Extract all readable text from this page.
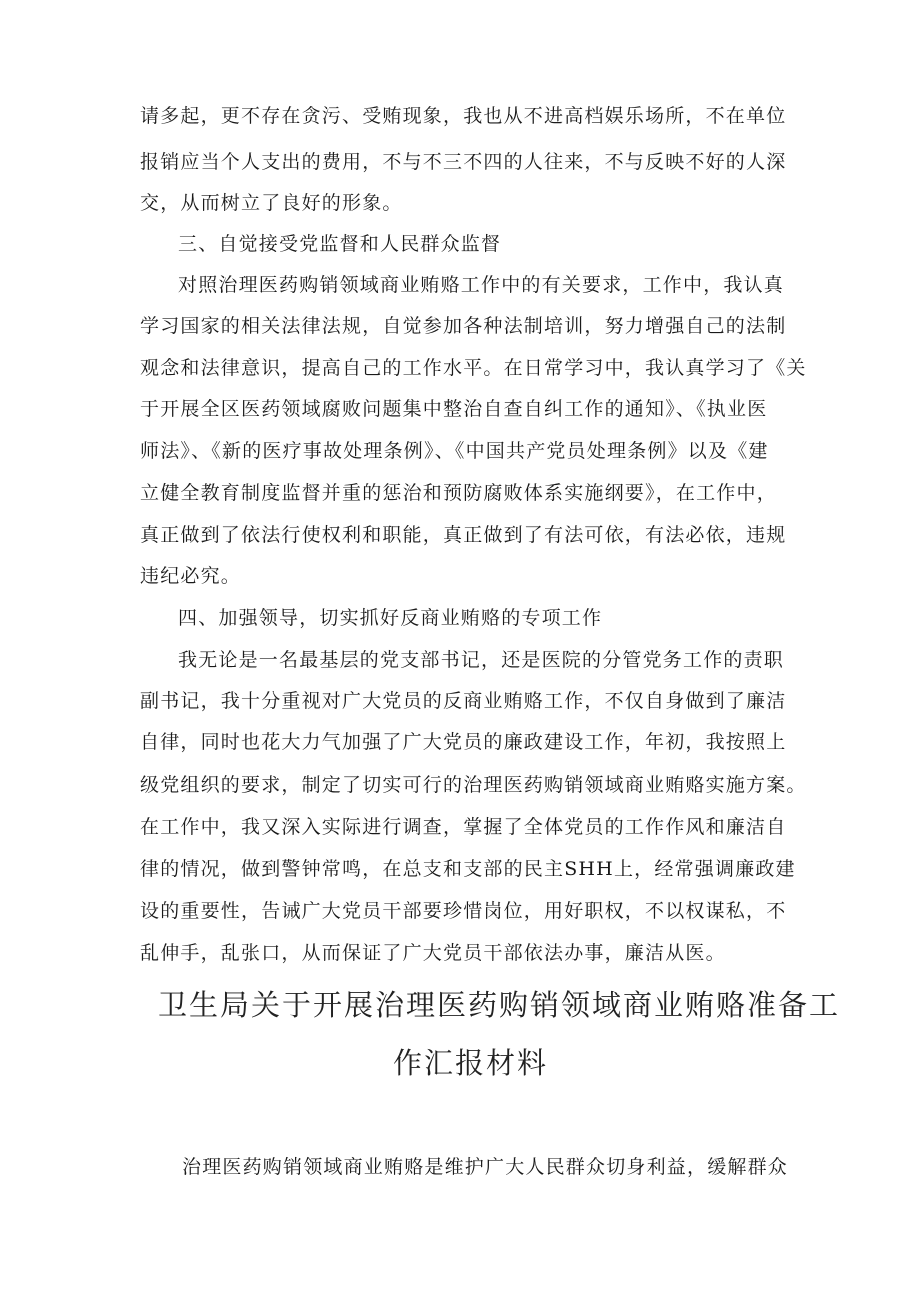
请多起，更不存在贪污、受贿现象，我也从不进高档娱乐场所，不在单位
报销应当个人支出的费用，不与不三不四的人往来，不与反映不好的人深
交，从而树立了良好的形象。
三、自觉接受党监督和人民群众监督
对照治理医药购销领域商业贿赂工作中的有关要求，工作中，我认真
学习国家的相关法律法规，自觉参加各种法制培训，努力增强自己的法制
观念和法律意识，提高自己的工作水平。在日常学习中，我认真学习了《关
于开展全区医药领域腐败问题集中整治自查自纠工作的通知》、《执业医
师法》、《新的医疗事故处理条例》、《中国共产党员处理条例》以及《建
立健全教育制度监督并重的惩治和预防腐败体系实施纲要》，在工作中，
真正做到了依法行使权利和职能，真正做到了有法可依，有法必依，违规
违纪必究。
四、加强领导，切实抓好反商业贿赂的专项工作
我无论是一名最基层的党支部书记，还是医院的分管党务工作的责职
副书记，我十分重视对广大党员的反商业贿赂工作，不仅自身做到了廉洁
自律，同时也花大力气加强了广大党员的廉政建设工作，年初，我按照上
级党组织的要求，制定了切实可行的治理医药购销领域商业贿赂实施方案。
在工作中，我又深入实际进行调查，掌握了全体党员的工作作风和廉洁自
律的情况，做到警钟常鸣，在总支和支部的民主SHH上，经常强调廉政建
设的重要性，告诫广大党员干部要珍惜岗位，用好职权，不以权谋私，不
乱伸手，乱张口，从而保证了广大党员干部依法办事，廉洁从医。
卫生局关于开展治理医药购销领域商业贿赂准备工
作汇报材料
治理医药购销领域商业贿赂是维护广大人民群众切身利益，缓解群众
